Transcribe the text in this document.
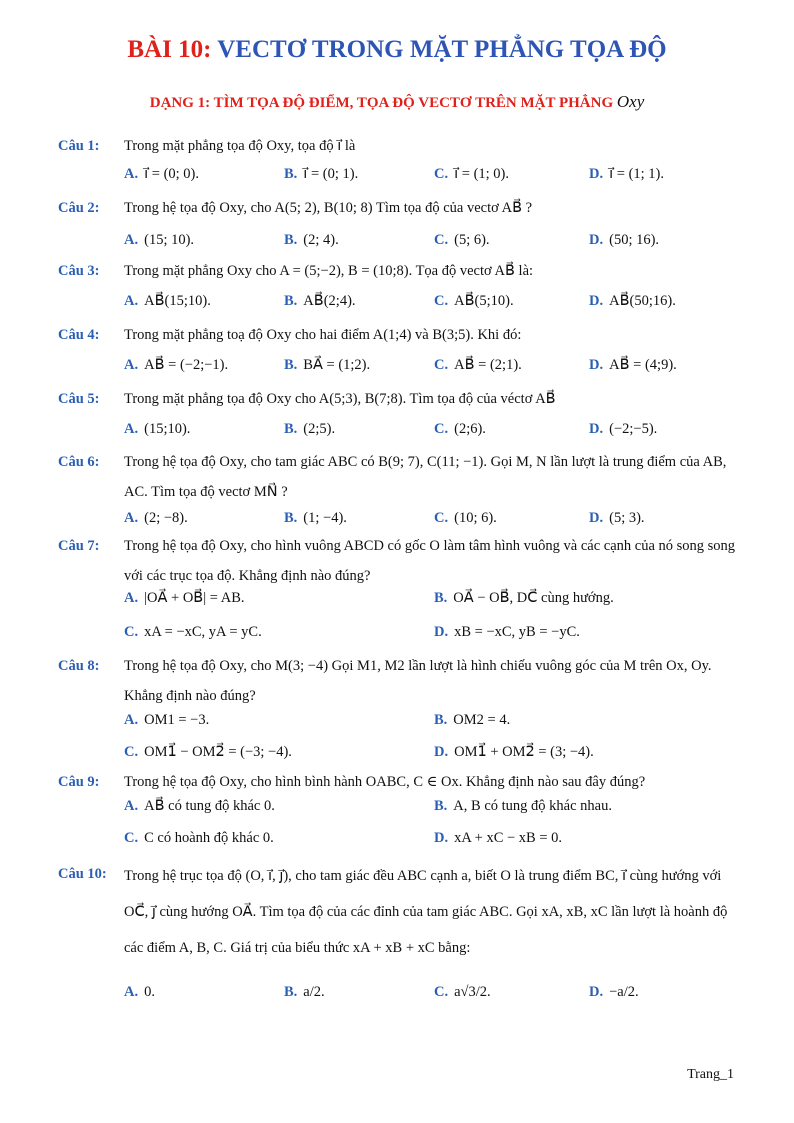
BÀI 10: VECTƠ TRONG MẶT PHẲNG TỌA ĐỘ
DẠNG 1: TÌM TỌA ĐỘ ĐIỂM, TỌA ĐỘ VECTƠ TRÊN MẶT PHẲNG Oxy
Câu 1: Trong mặt phẳng tọa độ Oxy, tọa độ i⃗ là
A. i⃗ = (0; 0).	B. i⃗ = (0; 1).	C. i⃗ = (1; 0).	D. i⃗ = (1; 1).
Câu 2: Trong hệ tọa độ Oxy, cho A(5; 2), B(10; 8) Tìm tọa độ của vectơ AB⃗ ?
A. (15; 10).	B. (2; 4).	C. (5; 6).	D. (50; 16).
Câu 3: Trong mặt phẳng Oxy cho A = (5;−2), B = (10;8). Tọa độ vectơ AB⃗ là:
A. AB⃗(15;10).	B. AB⃗(2;4).	C. AB⃗(5;10).	D. AB⃗(50;16).
Câu 4: Trong mặt phẳng toạ độ Oxy cho hai điểm A(1;4) và B(3;5). Khi đó:
A. AB⃗ = (−2;−1).	B. BA⃗ = (1;2).	C. AB⃗ = (2;1).	D. AB⃗ = (4;9).
Câu 5: Trong mặt phẳng tọa độ Oxy cho A(5;3), B(7;8). Tìm tọa độ của véctơ AB⃗
A. (15;10).	B. (2;5).	C. (2;6).	D. (−2;−5).
Câu 6: Trong hệ tọa độ Oxy, cho tam giác ABC có B(9; 7), C(11; −1). Gọi M, N lần lượt là trung điểm của AB, AC. Tìm tọa độ vectơ MN⃗ ?
A. (2; −8).	B. (1; −4).	C. (10; 6).	D. (5; 3).
Câu 7: Trong hệ tọa độ Oxy, cho hình vuông ABCD có gốc O làm tâm hình vuông và các cạnh của nó song song với các trục tọa độ. Khẳng định nào đúng?
A. |OA⃗ + OB⃗| = AB.	B. OA⃗ − OB⃗, DC⃗ cùng hướng.
C. xA = −xC, yA = yC.	D. xB = −xC, yB = −yC.
Câu 8: Trong hệ tọa độ Oxy, cho M(3; −4) Gọi M1, M2 lần lượt là hình chiếu vuông góc của M trên Ox, Oy. Khẳng định nào đúng?
A. OM1 = −3.	B. OM2 = 4.
C. OM1⃗ − OM2⃗ = (−3; −4).	D. OM1⃗ + OM2⃗ = (3; −4).
Câu 9: Trong hệ tọa độ Oxy, cho hình bình hành OABC, C ∈ Ox. Khẳng định nào sau đây đúng?
A. AB⃗ có tung độ khác 0.	B. A, B có tung độ khác nhau.
C. C có hoành độ khác 0.	D. xA + xC − xB = 0.
Câu 10: Trong hệ trục tọa độ (O, i⃗, j⃗), cho tam giác đều ABC cạnh a, biết O là trung điểm BC, i⃗ cùng hướng với OC⃗, j⃗ cùng hướng OA⃗. Tìm tọa độ của các đỉnh của tam giác ABC. Gọi xA, xB, xC lần lượt là hoành độ các điểm A, B, C. Giá trị của biểu thức xA + xB + xC bằng:
A. 0.	B. a/2.	C. a√3/2.	D. −a/2.
Trang_1
